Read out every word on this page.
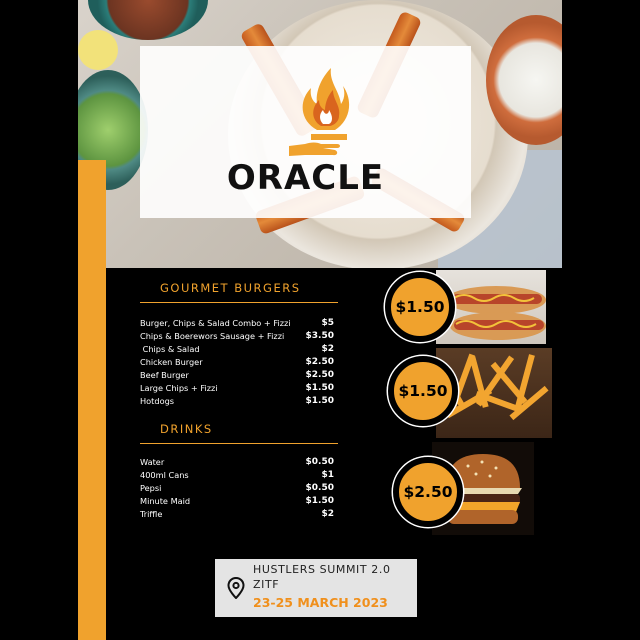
ORACLE
GOURMET BURGERS
Burger, Chips & Salad Combo + Fizzi	$5
Chips & Boerewors Sausage + Fizzi $3.50
Chips & Salad	$2
Chicken Burger	$2.50
Beef Burger	$2.50
Large Chips + Fizzi	$1.50
Hotdogs	$1.50
DRINKS
Water	$0.50
400ml Cans	$1
Pepsi	$0.50
Minute Maid	$1.50
Triffle	$2
$1.50
$1.50
$2.50
HUSTLERS SUMMIT 2.0
ZITF
23-25 MARCH 2023
